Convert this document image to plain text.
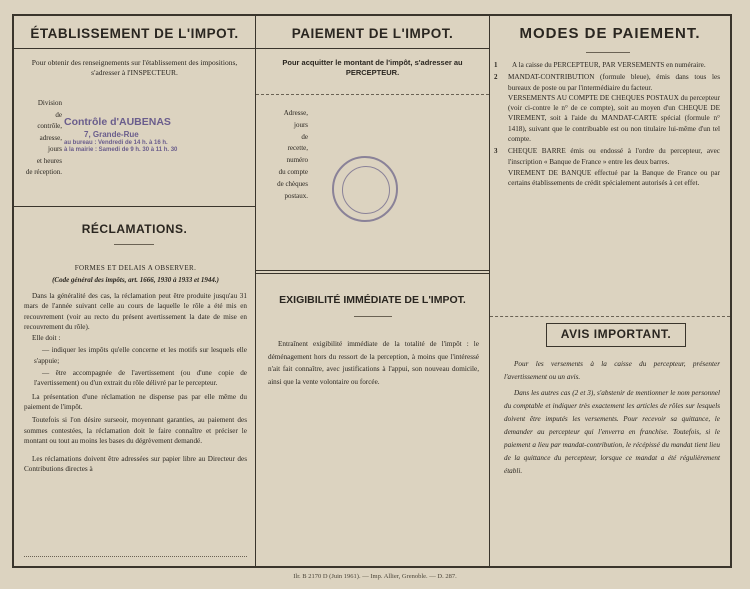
ÉTABLISSEMENT DE L'IMPOT.
Pour obtenir des renseignements sur l'établissement des impositions, s'adresser à l'INSPECTEUR.
Division
de
contrôle,
adresse,
jours
et heures
de réception.
Contrôle d'AUBENAS
7, Grande-Rue
au bureau : Vendredi de 14 h. à 16 h.
à la mairie : Samedi de 9 h. 30 à 11 h. 30
RÉCLAMATIONS.
FORMES ET DELAIS A OBSERVER.
(Code général des impôts, art. 1666, 1930 à 1933 et 1944.)

Dans la généralité des cas, la réclamation peut être produite jusqu'au 31 mars de l'année suivant celle au cours de laquelle le rôle a été mis en recouvrement (voir au recto du présent avertissement la date de mise en recouvrement du rôle).

Elle doit :

— indiquer les impôts qu'elle concerne et les motifs sur lesquels elle s'appuie;

— être accompagnée de l'avertissement (ou d'une copie de l'avertissement) ou d'un extrait du rôle délivré par le percepteur.

La présentation d'une réclamation ne dispense pas par elle même du paiement de l'impôt.

Toutefois si l'on désire surseoir, moyennant garanties, au paiement des sommes contestées, la réclamation doit le faire connaître et préciser le montant ou tout au moins les bases du dégrèvement demandé.

Les réclamations doivent être adressées sur papier libre au Directeur des Contributions directes à

PAIEMENT DE L'IMPOT.
Pour acquitter le montant de l'impôt, s'adresser au PERCEPTEUR.
Adresse,
jours
de
recette,
numéro
du compte
de chèques
postaux.
EXIGIBILITÉ IMMÉDIATE DE L'IMPOT.

Entraînent exigibilité immédiate de la totalité de l'impôt : le déménagement hors du ressort de la perception, à moins que l'intéressé n'ait fait connaître, avec justifications à l'appui, son nouveau domicile, ainsi que la vente volontaire ou forcée.

MODES DE PAIEMENT.
1	A la caisse du PERCEPTEUR, PAR VERSEMENTS en numéraire.

2 MANDAT-CONTRIBUTION (formule bleue), émis dans tous les bureaux de poste ou par l'intermédiaire du facteur.

VERSEMENTS AU COMPTE DE CHEQUES POSTAUX du percepteur (voir ci-contre le n° de ce compte), soit au moyen d'un CHEQUE DE VIREMENT, soit à l'aide du MANDAT-CARTE spécial (formule n° 1418), suivant que le contribuable est ou non titulaire lui-même d'un tel compte.

3 CHEQUE BARRE émis ou endossé à l'ordre du percepteur, avec l'inscription « Banque de France » entre les deux barres.

VIREMENT DE BANQUE effectué par la Banque de France ou par certains établissements de crédit spécialement autorisés à cet effet.

AVIS IMPORTANT.

Pour les versements à la caisse du percepteur, présenter l'avertissement ou un avis.

Dans les autres cas (2 et 3), s'abstenir de mentionner le nom personnel du comptable et indiquer très exactement les articles de rôles sur lesquels doivent être imputés les versements. Pour recevoir sa quittance, le demander au percepteur qui l'enverra en franchise. Toutefois, si le paiement a lieu par mandat-contribution, le récépissé du mandat tient lieu de la quittance du percepteur, lorsque ce mandat a été régulièrement établi.

Ilr. B 2170 D (Juin 1961). — Imp. Allier, Grenoble. — D. 287.
